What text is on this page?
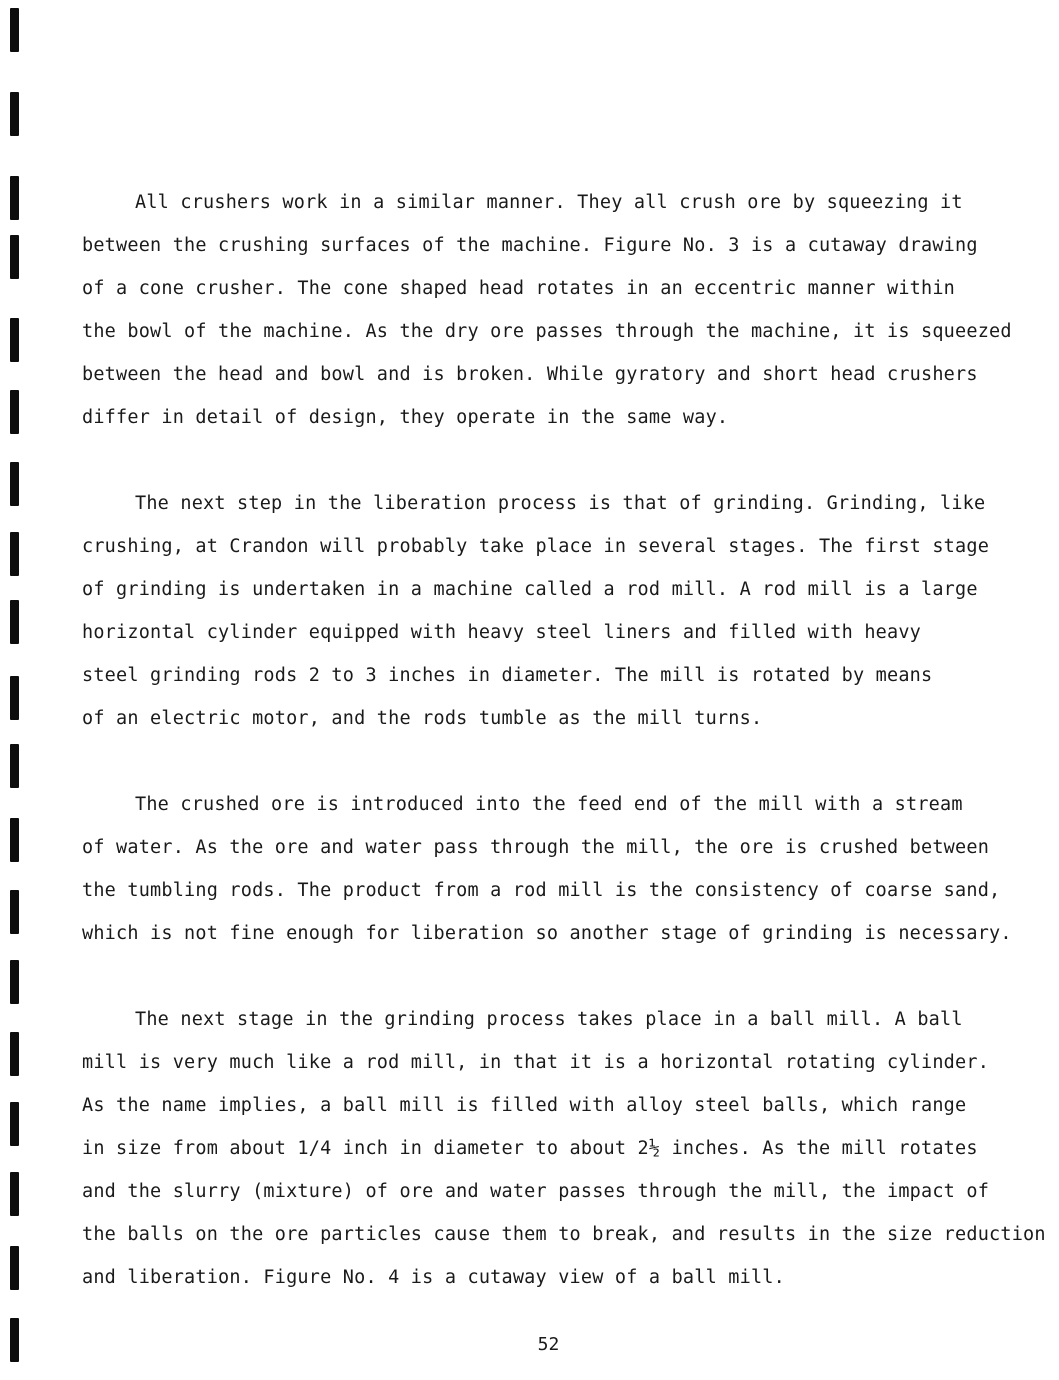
All crushers work in a similar manner. They all crush ore by squeezing it
between the crushing surfaces of the machine. Figure No. 3 is a cutaway drawing
of a cone crusher. The cone shaped head rotates in an eccentric manner within
the bowl of the machine. As the dry ore passes through the machine, it is squeezed
between the head and bowl and is broken. While gyratory and short head crushers
differ in detail of design, they operate in the same way.
The next step in the liberation process is that of grinding. Grinding, like
crushing, at Crandon will probably take place in several stages. The first stage
of grinding is undertaken in a machine called a rod mill. A rod mill is a large
horizontal cylinder equipped with heavy steel liners and filled with heavy
steel grinding rods 2 to 3 inches in diameter. The mill is rotated by means
of an electric motor, and the rods tumble as the mill turns.
The crushed ore is introduced into the feed end of the mill with a stream
of water. As the ore and water pass through the mill, the ore is crushed between
the tumbling rods. The product from a rod mill is the consistency of coarse sand,
which is not fine enough for liberation so another stage of grinding is necessary.
The next stage in the grinding process takes place in a ball mill. A ball
mill is very much like a rod mill, in that it is a horizontal rotating cylinder.
As the name implies, a ball mill is filled with alloy steel balls, which range
in size from about 1/4 inch in diameter to about 2½ inches. As the mill rotates
and the slurry (mixture) of ore and water passes through the mill, the impact of
the balls on the ore particles cause them to break, and results in the size reduction
and liberation. Figure No. 4 is a cutaway view of a ball mill.
52
